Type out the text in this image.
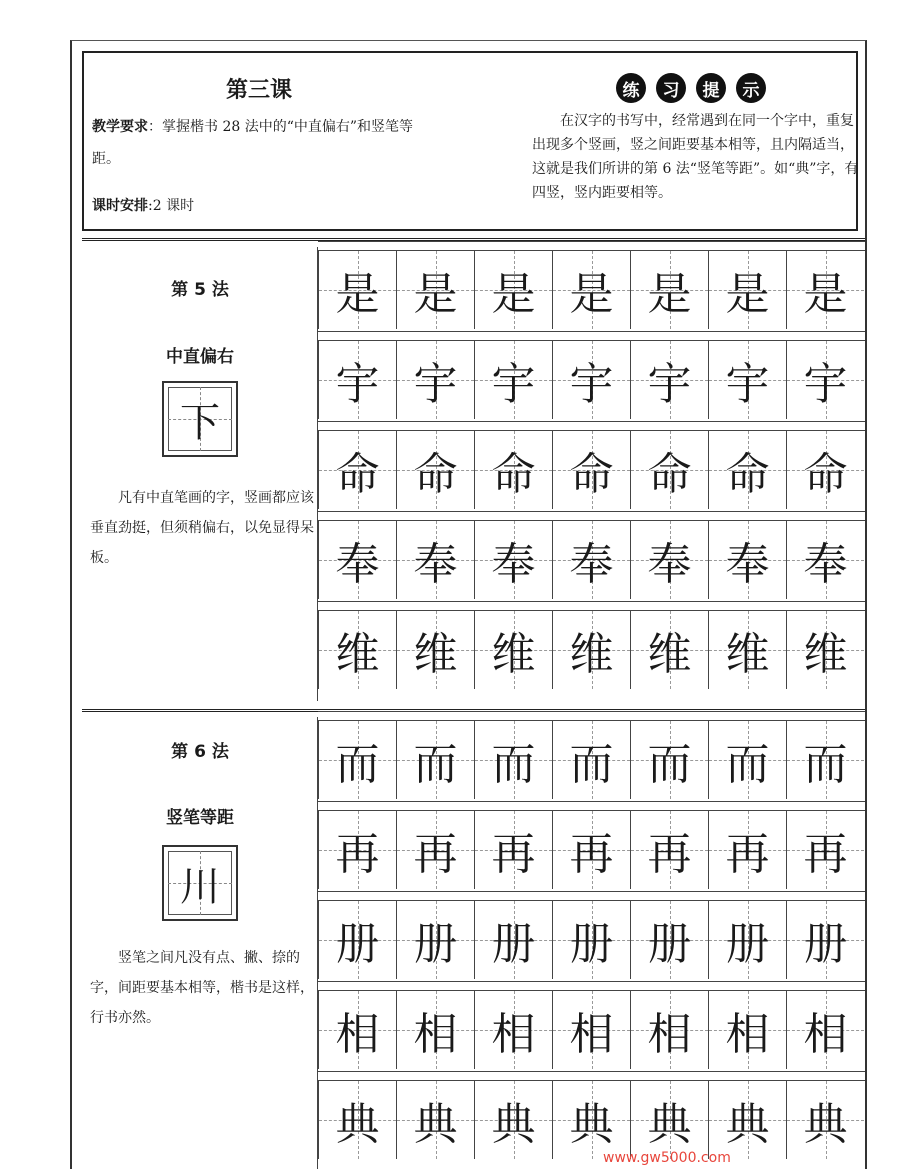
第三课
教学要求：掌握楷书 28 法中的“中直偏右”和竖笔等距。
课时安排:2 课时
练	习	提	示
在汉字的书写中，经常遇到在同一个字中，重复出现多个竖画，竖之间距要基本相等，且内隔适当，这就是我们所讲的第 6 法“竖笔等距”。如“典”字，有四竖，竖内距要相等。
第 5 法
中直偏右
下
凡有中直笔画的字，竖画都应该垂直劲挺，但须稍偏右，以免显得呆板。
是 是 是 是 是 是 是
宇 宇 宇 宇 宇 宇 宇
命 命 命 命 命 命 命
奉 奉 奉 奉 奉 奉 奉
维 维 维 维 维 维 维
第 6 法
竖笔等距
川
竖笔之间凡没有点、撇、捺的字，间距要基本相等，楷书是这样，行书亦然。
而 而 而 而 而 而 而
再 再 再 再 再 再 再
册 册 册 册 册 册 册
相 相 相 相 相 相 相
典 典 典 典 典 典 典
www.gw5000.com
